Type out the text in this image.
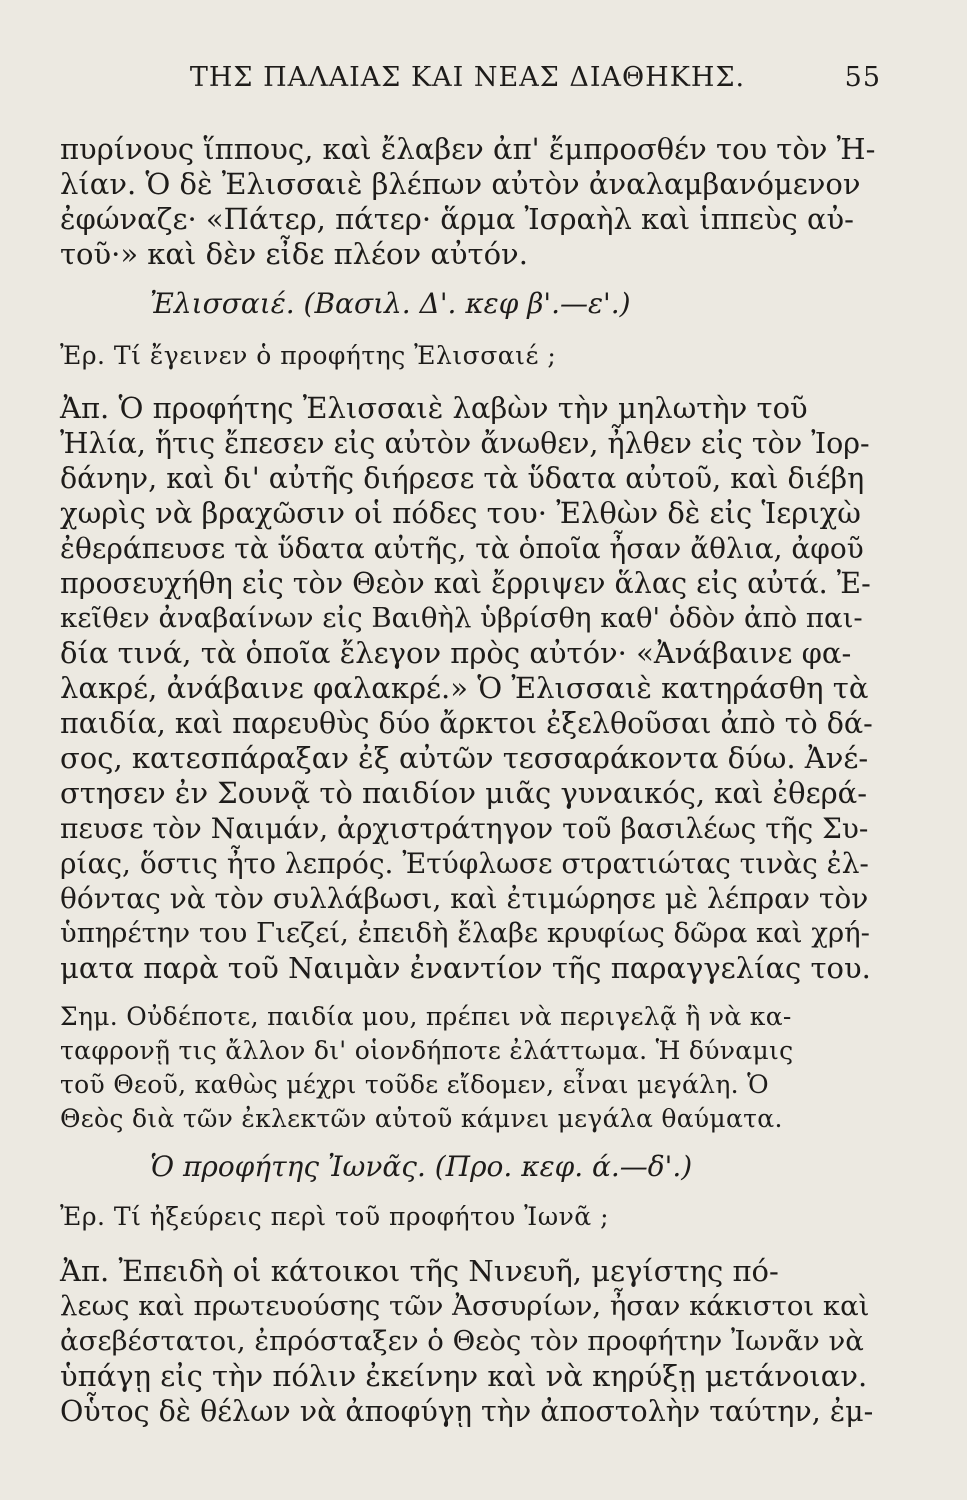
ΤΗΣ ΠΑΛΑΙΑΣ ΚΑΙ ΝΕΑΣ ΔΙΑΘΗΚΗΣ.	55
πυρίνους ἵππους, καὶ ἔλαβεν ἀπ' ἔμπροσθέν του τὸν Ἠ-
λίαν. Ὁ δὲ Ἐλισσαιὲ βλέπων αὐτὸν ἀναλαμβανόμενον
ἐφώναζε· «Πάτερ, πάτερ· ἅρμα Ἰσραὴλ καὶ ἱππεὺς αὐ-
τοῦ·» καὶ δὲν εἶδε πλέον αὐτόν.
Ἐλισσαιέ. (Βασιλ. Δ'. κεφ β'.—ε'.)
Ἐρ. Τί ἔγεινεν ὁ προφήτης Ἐλισσαιέ ;
Ἀπ. Ὁ προφήτης Ἐλισσαιὲ λαβὼν τὴν μηλωτὴν τοῦ
Ἠλία, ἥτις ἔπεσεν εἰς αὐτὸν ἄνωθεν, ἦλθεν εἰς τὸν Ἰορ-
δάνην, καὶ δι' αὐτῆς διήρεσε τὰ ὕδατα αὐτοῦ, καὶ διέβη
χωρὶς νὰ βραχῶσιν οἱ πόδες του· Ἐλθὼν δὲ εἰς Ἱεριχὼ
ἐθεράπευσε τὰ ὕδατα αὐτῆς, τὰ ὁποῖα ἦσαν ἄθλια, ἀφοῦ
προσευχήθη εἰς τὸν Θεὸν καὶ ἔρριψεν ἅλας εἰς αὐτά. Ἐ-
κεῖθεν ἀναβαίνων εἰς Βαιθὴλ ὑβρίσθη καθ' ὁδὸν ἀπὸ παι-
δία τινά, τὰ ὁποῖα ἔλεγον πρὸς αὐτόν· «Ἀνάβαινε φα-
λακρέ, ἀνάβαινε φαλακρέ.» Ὁ Ἐλισσαιὲ κατηράσθη τὰ
παιδία, καὶ παρευθὺς δύο ἄρκτοι ἐξελθοῦσαι ἀπὸ τὸ δά-
σος, κατεσπάραξαν ἐξ αὐτῶν τεσσαράκοντα δύω. Ἀνέ-
στησεν ἐν Σουνᾷ τὸ παιδίον μιᾶς γυναικός, καὶ ἐθερά-
πευσε τὸν Ναιμάν, ἀρχιστράτηγον τοῦ βασιλέως τῆς Συ-
ρίας, ὅστις ἦτο λεπρός. Ἐτύφλωσε στρατιώτας τινὰς ἐλ-
θόντας νὰ τὸν συλλάβωσι, καὶ ἐτιμώρησε μὲ λέπραν τὸν
ὑπηρέτην του Γιεζεί, ἐπειδὴ ἔλαβε κρυφίως δῶρα καὶ χρή-
ματα παρὰ τοῦ Ναιμὰν ἐναντίον τῆς παραγγελίας του.
Σημ. Οὐδέποτε, παιδία μου, πρέπει νὰ περιγελᾷ ἢ νὰ κα-
ταφρονῇ τις ἄλλον δι' οἱονδήποτε ἐλάττωμα. Ἡ δύναμις
τοῦ Θεοῦ, καθὼς μέχρι τοῦδε εἴδομεν, εἶναι μεγάλη. Ὁ
Θεὸς διὰ τῶν ἐκλεκτῶν αὐτοῦ κάμνει μεγάλα θαύματα.
Ὁ προφήτης Ἰωνᾶς. (Προ. κεφ. ά.—δ'.)
Ἐρ. Τί ἠξεύρεις περὶ τοῦ προφήτου Ἰωνᾶ ;
Ἀπ. Ἐπειδὴ οἱ κάτοικοι τῆς Νινευῆ, μεγίστης πό-
λεως καὶ πρωτευούσης τῶν Ἀσσυρίων, ἦσαν κάκιστοι καὶ
ἀσεβέστατοι, ἐπρόσταξεν ὁ Θεὸς τὸν προφήτην Ἰωνᾶν νὰ
ὑπάγῃ εἰς τὴν πόλιν ἐκείνην καὶ νὰ κηρύξῃ μετάνοιαν.
Οὗτος δὲ θέλων νὰ ἀποφύγῃ τὴν ἀποστολὴν ταύτην, ἐμ-
